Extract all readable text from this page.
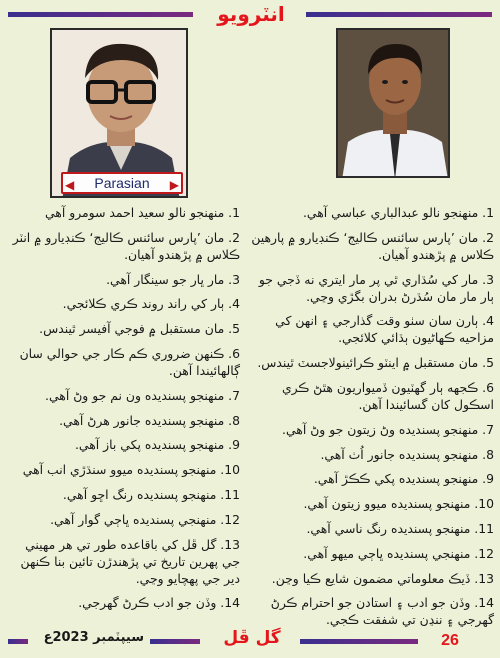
انٽرويو
◀ Parasian ▶

1. منهنجو نالو سعيد احمد سومرو آهي

2. مان ’پارس سائنس ڪاليج‘ ڪنڊيارو ۾ انٽر ڪلاس ۾ پڙهندو آهيان.

3. مار ڀار جو سينگار آهي.

4. ٻار کي راند روند ڪري ڪلائجي.

5. مان مستقبل ۾ فوجي آفيسر ٿيندس.

6. ڪنهن ضروري ڪم ڪار جي حوالي سان ڳالهائيندا آهن.

7. منهنجو پسنديده ون نم جو وڻ آهي.

8. منهنجو پسنديده جانور هرڻ آهي.

9. منهنجو پسنديده پکي باز آهي.

10. منهنجو پسنديده ميوو سنڌڙي انب آهي

11. منهنجو پسنديده رنگ اڇو آهي.

12. منهنجي پسنديده ڀاڄي گوار آهي.

13. گل ڦل کي باقاعده طور تي هر مهيني جي پهرين تاريخ تي پڙهندڙن تائين بنا ڪنهن دير جي پهچايو وڃي.

14. وڏن جو ادب ڪرڻ گهرجي.

1. منهنجو نالو عبدالباري عباسي آهي.

2. مان ’پارس سائنس ڪاليج‘ ڪنڊيارو ۾ پارهين ڪلاس ۾ پڙهندو آهيان.

3. مار کي سُڌاري ٿي پر مار ايتري نه ڏجي جو ٻار مار مان سُڌرڻ بدران بگڙي وڃي.

4. ٻارن سان سٺو وقت گذارجي ۽ انهن کي مزاحيه ڪهاڻيون ٻڌائي کلائجي.

5. مان مستقبل ۾ اينٽو ڪرائينولاجسٽ ٿيندس.

6. ڪجهه ٻار گهٽيون ڏميواريون هٿڻ ڪري اسڪول کان گسائيندا آهن.

7. منهنجو پسنديده وڻ زيتون جو وڻ آهي.

8. منهنجو پسنديده جانور اُٺ آهي.

9. منهنجو پسنديده پکي ڪڪڙ آهي.

10. منهنجو پسنديده ميوو زيتون آهي.

11. منهنجو پسنديده رنگ ناسي آهي.

12. منهنجي پسنديده ڀاڄي ميهو آهي.

13. ڏيڪ معلوماتي مضمون شايع ڪيا وڃن.

14. وڏن جو ادب ۽ استادن جو احترام ڪرڻ گهرجي ۽ ننڍن تي شفقت ڪجي.

سيپٽمبر 2023ع	گل ڦل	26
